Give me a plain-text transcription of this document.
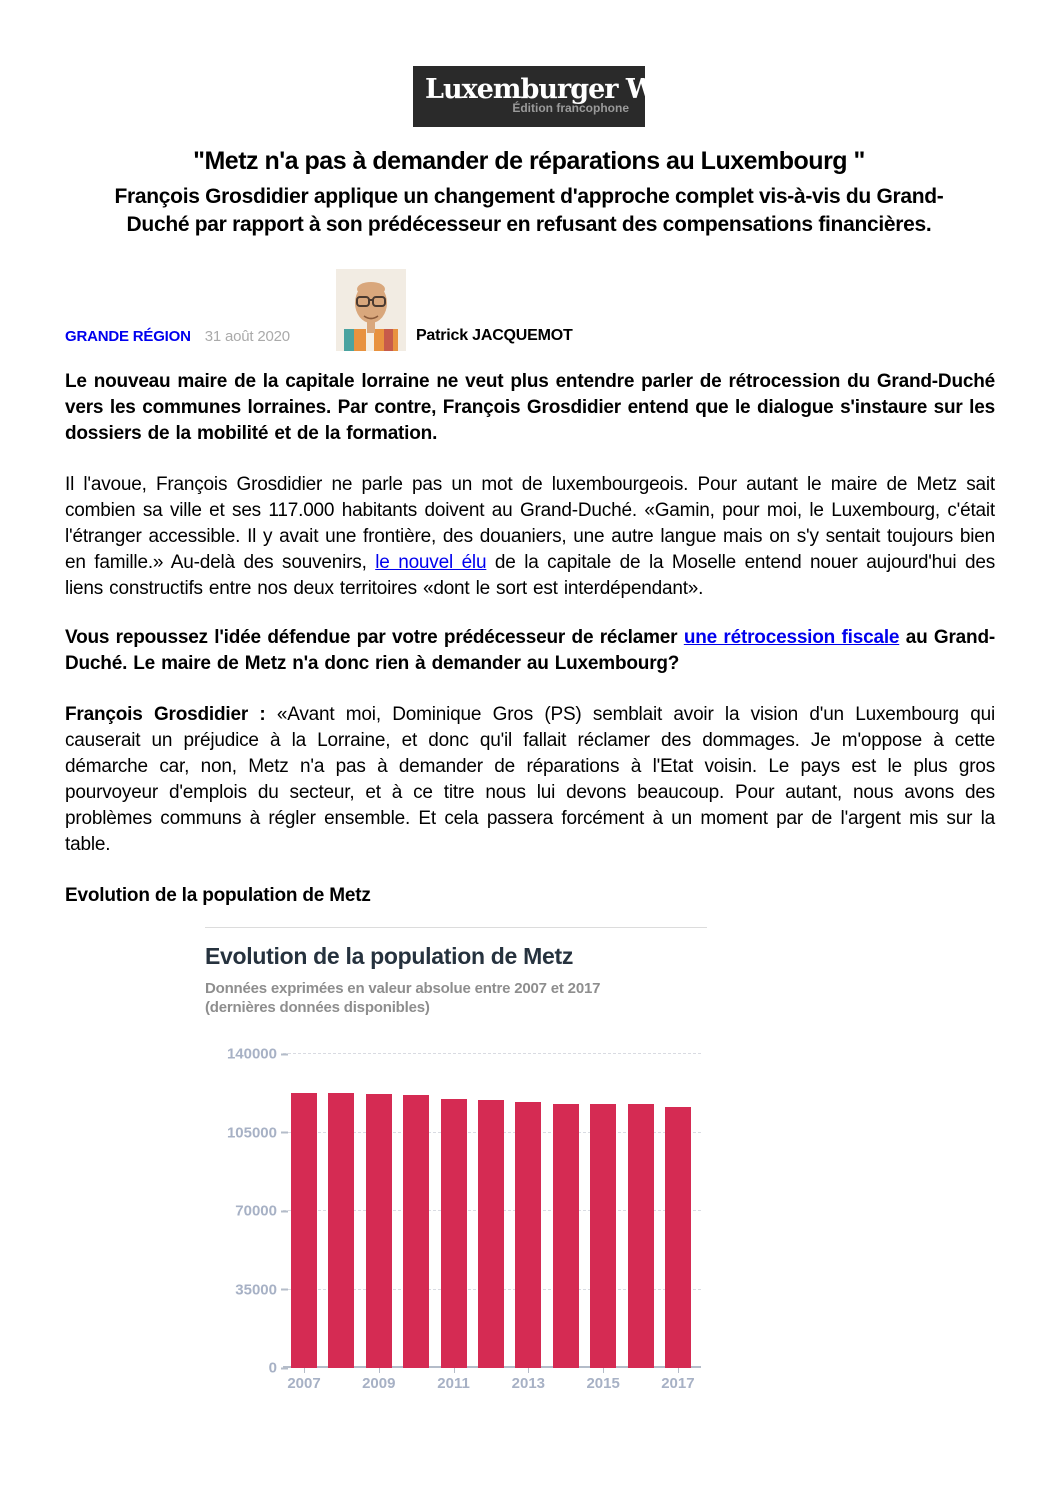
Luxemburger Wort
Édition francophone
"Metz n'a pas à demander de réparations au Luxembourg "
François Grosdidier applique un changement d'approche complet vis-à-vis du Grand-Duché par rapport à son prédécesseur en refusant des compensations financières.
GRANDE RÉGION 31 août 2020	Patrick JACQUEMOT

Le nouveau maire de la capitale lorraine ne veut plus entendre parler de rétrocession du Grand-Duché vers les communes lorraines. Par contre, François Grosdidier entend que le dialogue s'instaure sur les dossiers de la mobilité et de la formation.

Il l'avoue, François Grosdidier ne parle pas un mot de luxembourgeois. Pour autant le maire de Metz sait combien sa ville et ses 117.000 habitants doivent au Grand-Duché. «Gamin, pour moi, le Luxembourg, c'était l'étranger accessible. Il y avait une frontière, des douaniers, une autre langue mais on s'y sentait toujours bien en famille.» Au-delà des souvenirs, le nouvel élu de la capitale de la Moselle entend nouer aujourd'hui des liens constructifs entre nos deux territoires «dont le sort est interdépendant».

Vous repoussez l'idée défendue par votre prédécesseur de réclamer une rétrocession fiscale au Grand-Duché. Le maire de Metz n'a donc rien à demander au Luxembourg?

François Grosdidier : «Avant moi, Dominique Gros (PS) semblait avoir la vision d'un Luxembourg qui causerait un préjudice à la Lorraine, et donc qu'il fallait réclamer des dommages. Je m'oppose à cette démarche car, non, Metz n'a pas à demander de réparations à l'Etat voisin. Le pays est le plus gros pourvoyeur d'emplois du secteur, et à ce titre nous lui devons beaucoup. Pour autant, nous avons des problèmes communs à régler ensemble. Et cela passera forcément à un moment par de l'argent mis sur la table.

Evolution de la population de Metz
Evolution de la population de Metz
Données exprimées en valeur absolue entre 2007 et 2017
(dernières données disponibles)
140000
105000
70000
35000
0
2007	2009	2011	2013	2015	2017
